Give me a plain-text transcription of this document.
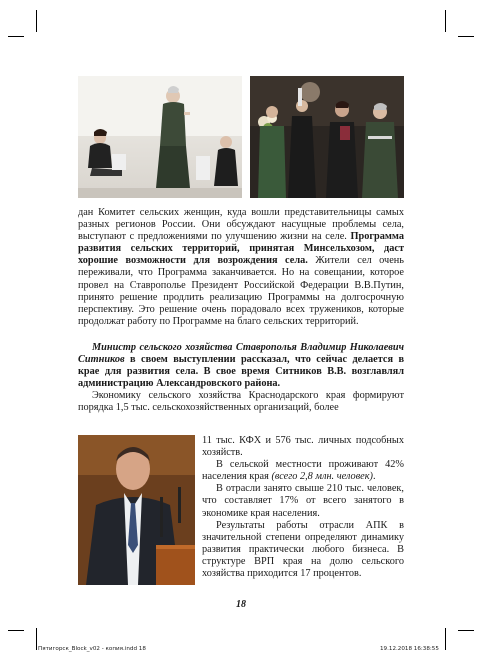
дан Комитет сельских женщин, куда вошли представительницы самых разных регионов России. Они обсуждают насущные проблемы села, выступают с предложениями по улучшению жизни на селе. Программа развития сельских территорий, принятая Минсельхозом, даст хорошие возможности для возрождения села. Жители сел очень переживали, что Программа заканчивается. Но на совещании, которое провел на Ставрополье Президент Российской Федерации В.В.Путин, принято решение продлить реализацию Программы на долгосрочную перспективу. Это решение очень порадовало всех тружеников, которые продолжат работу по Программе на благо сельских территорий.

Министр сельского хозяйства Ставрополья Владимир Николаевич Ситников в своем выступлении рассказал, что сейчас делается в крае для развития села. В свое время Ситников В.В. возглавлял администрацию Александровского района.

Экономику сельского хозяйства Краснодарского края формируют порядка 1,5 тыс. сельскохозяйственных организаций, более

11 тыс. КФХ и 576 тыс. личных подсобных хозяйств.

В сельской местности проживают 42% населения края (всего 2,8 млн. человек).

В отрасли занято свыше 210 тыс. человек, что составляет 17% от всего занятого в экономике края населения.

Результаты работы отрасли АПК в значительной степени определяют динамику развития практически любого бизнеса. В структуре ВРП края на долю сельского хозяйства приходится 17 процентов.

18
Пятигорск_Block_v02 - копия.indd 18	19.12.2018 16:38:55
